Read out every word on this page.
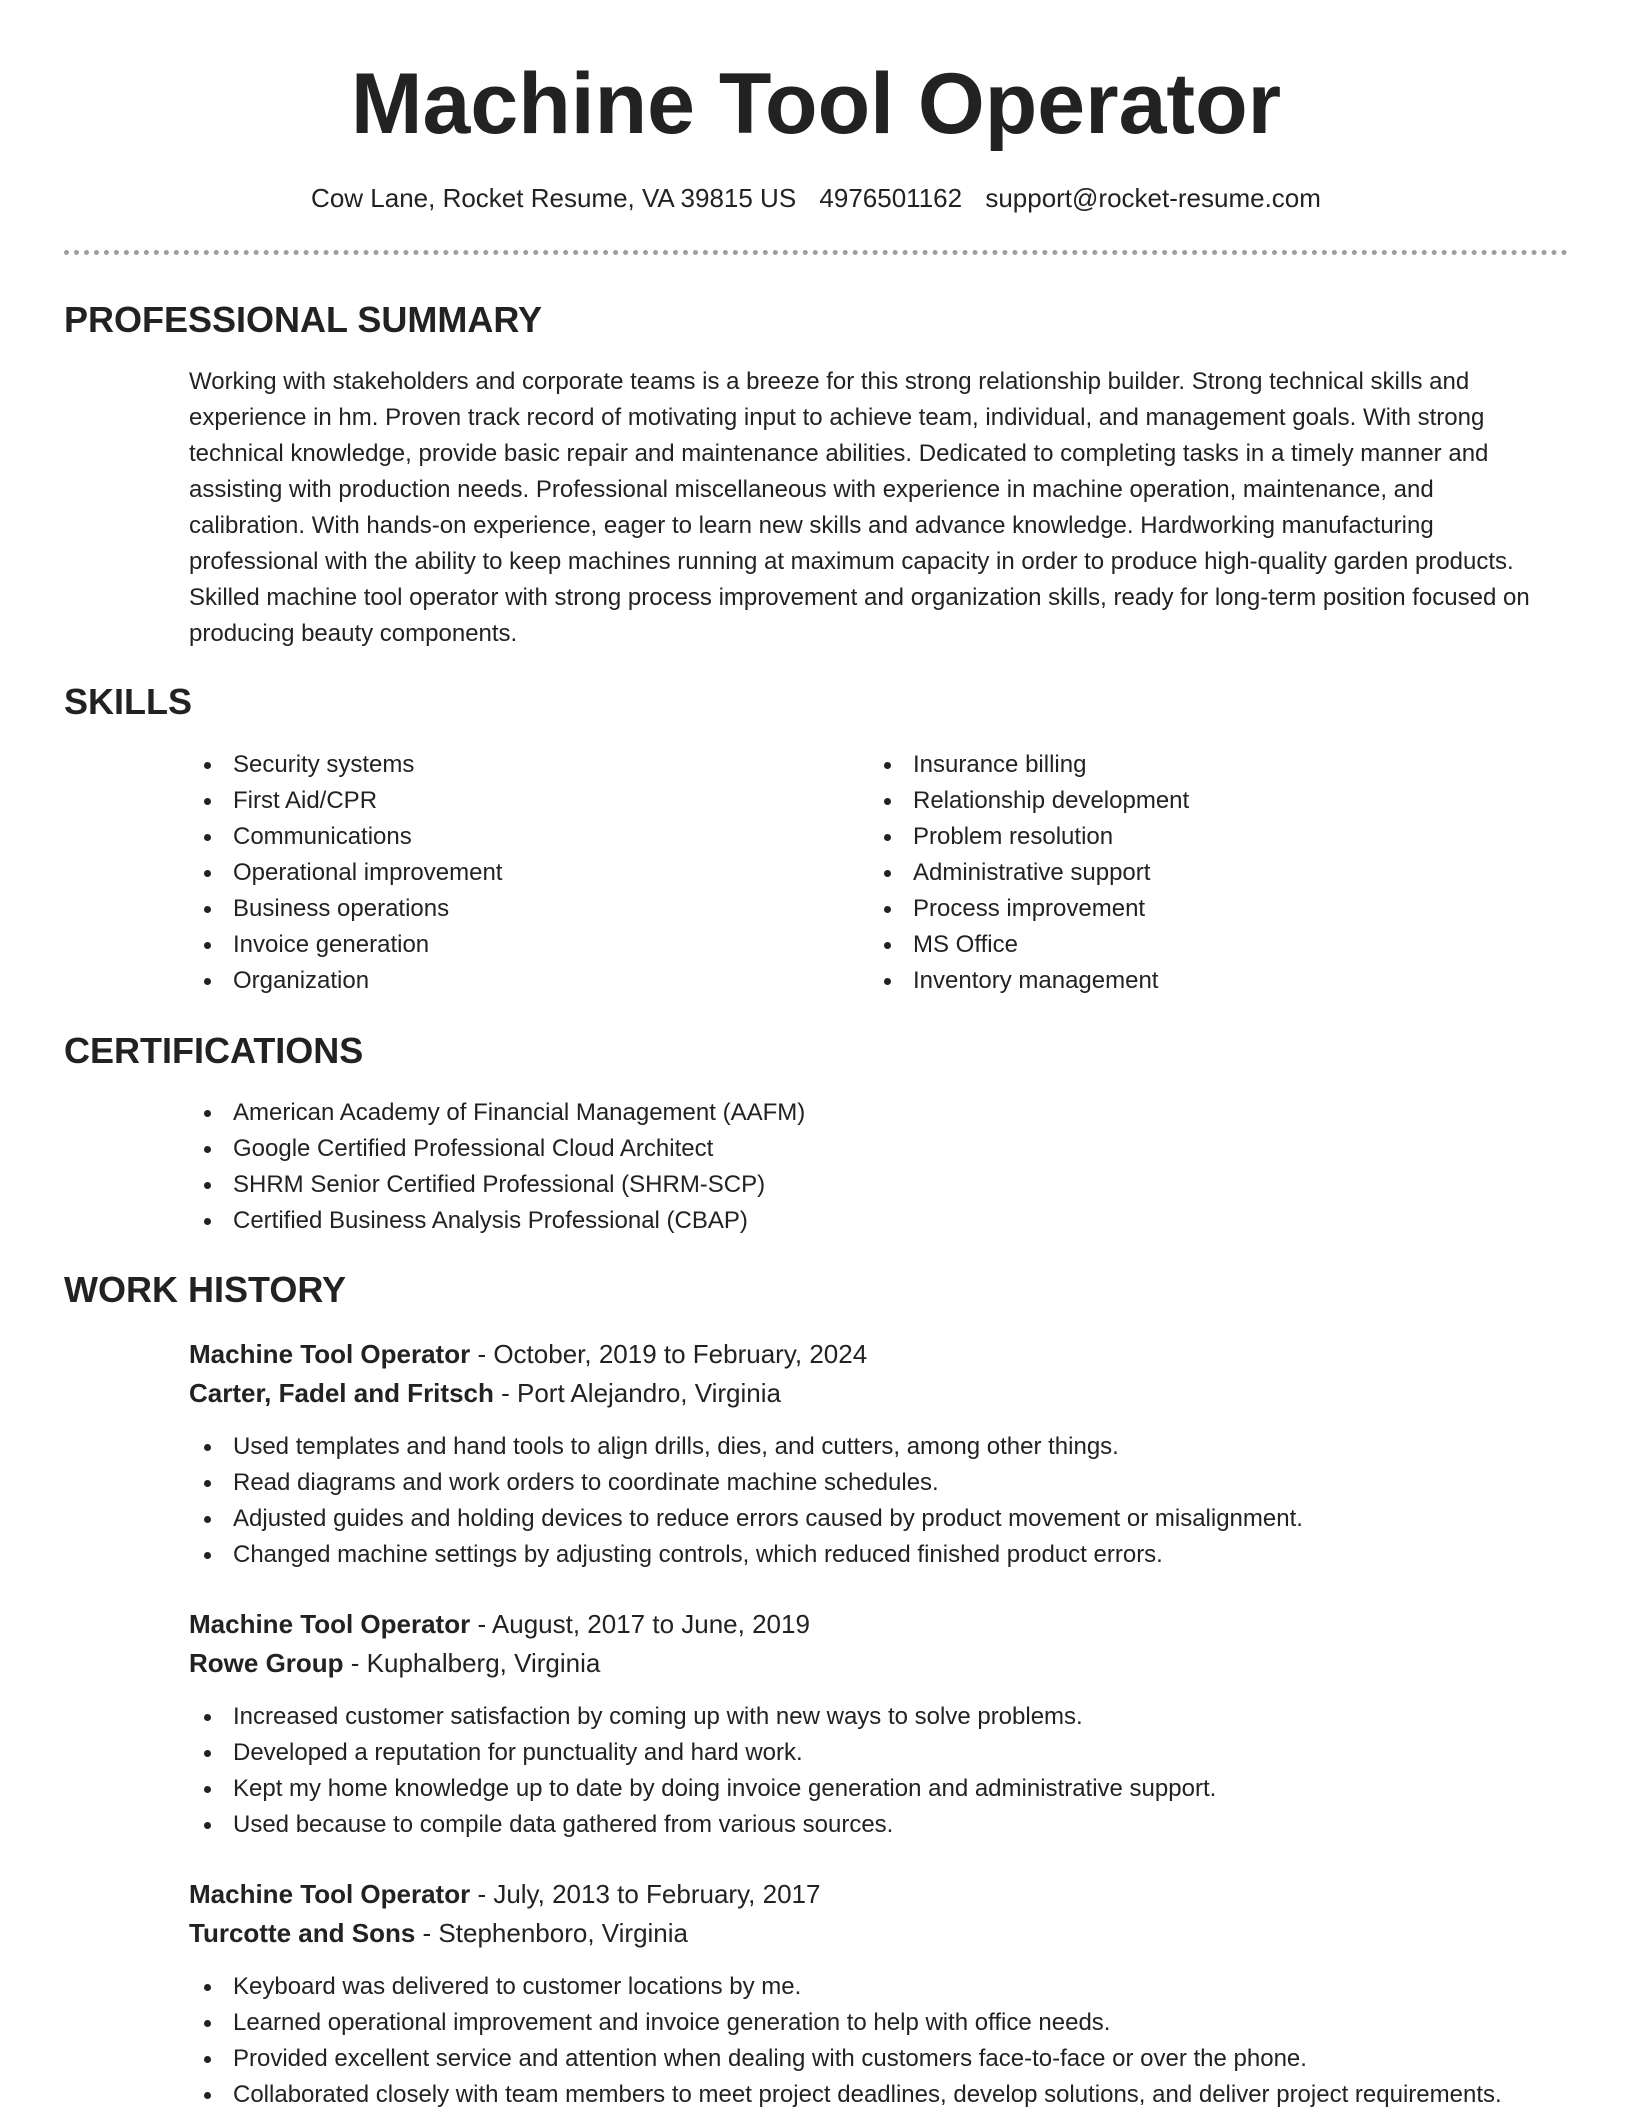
Machine Tool Operator
Cow Lane, Rocket Resume, VA 39815 US 4976501162 support@rocket-resume.com
PROFESSIONAL SUMMARY

Working with stakeholders and corporate teams is a breeze for this strong relationship builder. Strong technical skills and experience in hm. Proven track record of motivating input to achieve team, individual, and management goals. With strong technical knowledge, provide basic repair and maintenance abilities. Dedicated to completing tasks in a timely manner and assisting with production needs. Professional miscellaneous with experience in machine operation, maintenance, and calibration. With hands-on experience, eager to learn new skills and advance knowledge. Hardworking manufacturing professional with the ability to keep machines running at maximum capacity in order to produce high-quality garden products. Skilled machine tool operator with strong process improvement and organization skills, ready for long-term position focused on producing beauty components.

SKILLS
Security systems
First Aid/CPR
Communications
Operational improvement
Business operations
Invoice generation
Organization
Insurance billing
Relationship development
Problem resolution
Administrative support
Process improvement
MS Office
Inventory management
CERTIFICATIONS
American Academy of Financial Management (AAFM)
Google Certified Professional Cloud Architect
SHRM Senior Certified Professional (SHRM-SCP)
Certified Business Analysis Professional (CBAP)
WORK HISTORY
Machine Tool Operator - October, 2019 to February, 2024
Carter, Fadel and Fritsch - Port Alejandro, Virginia
Used templates and hand tools to align drills, dies, and cutters, among other things.
Read diagrams and work orders to coordinate machine schedules.
Adjusted guides and holding devices to reduce errors caused by product movement or misalignment.
Changed machine settings by adjusting controls, which reduced finished product errors.
Machine Tool Operator - August, 2017 to June, 2019
Rowe Group - Kuphalberg, Virginia
Increased customer satisfaction by coming up with new ways to solve problems.
Developed a reputation for punctuality and hard work.
Kept my home knowledge up to date by doing invoice generation and administrative support.
Used because to compile data gathered from various sources.
Machine Tool Operator - July, 2013 to February, 2017
Turcotte and Sons - Stephenboro, Virginia
Keyboard was delivered to customer locations by me.
Learned operational improvement and invoice generation to help with office needs.
Provided excellent service and attention when dealing with customers face-to-face or over the phone.
Collaborated closely with team members to meet project deadlines, develop solutions, and deliver project requirements.
